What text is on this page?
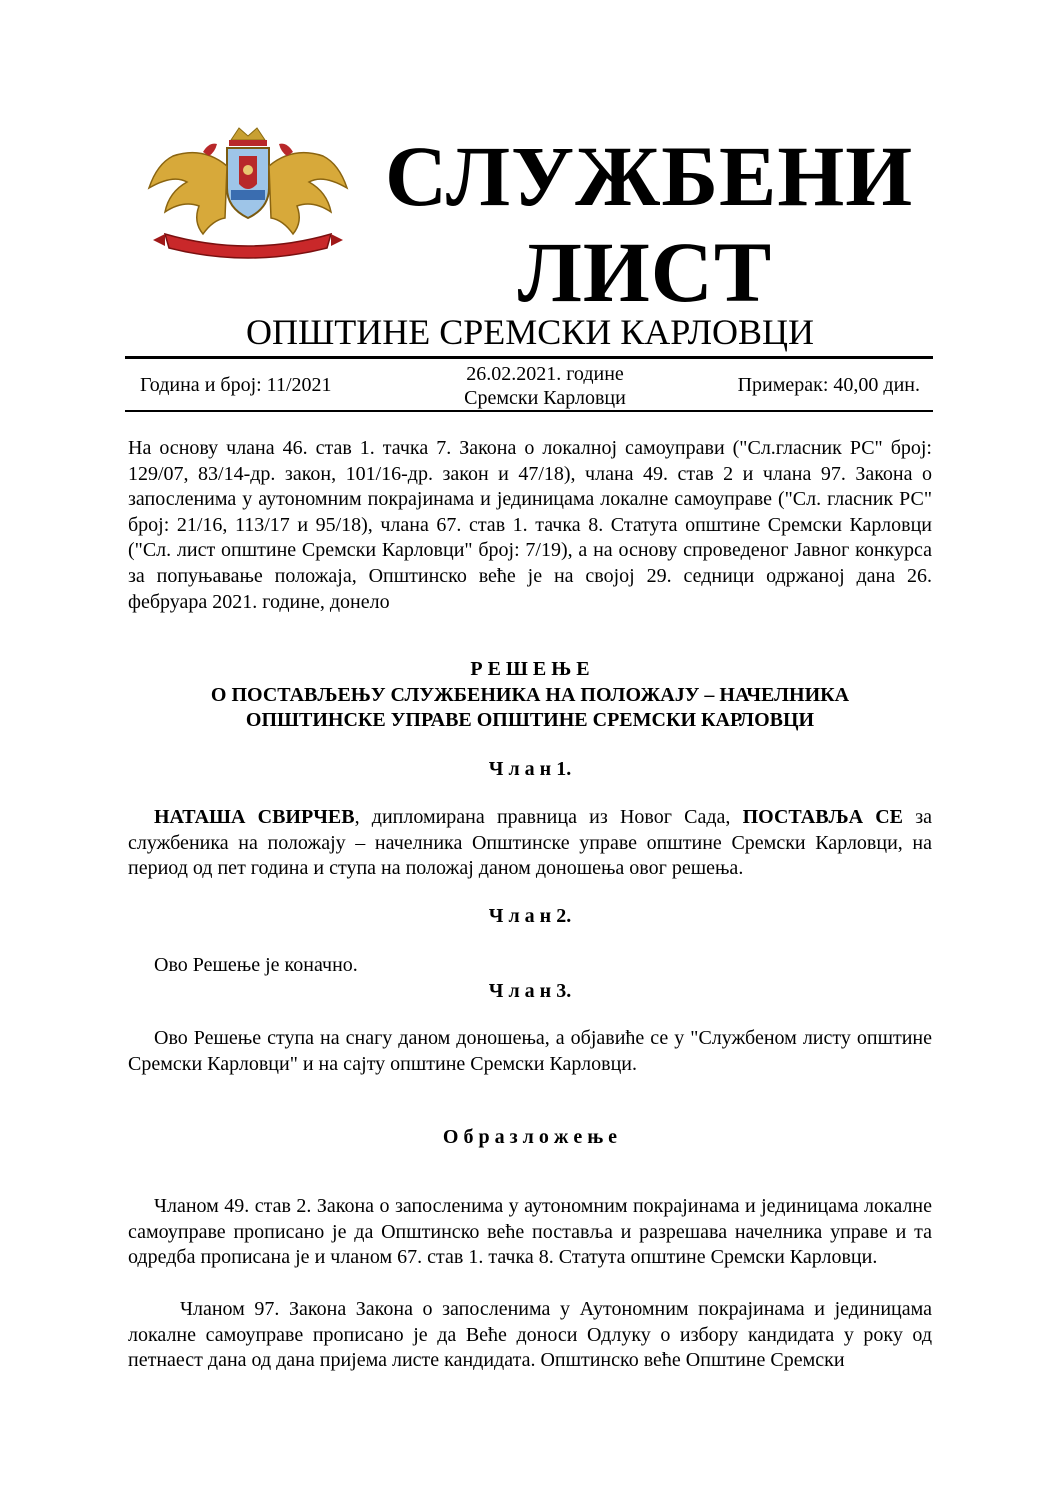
СЛУЖБЕНИ
ЛИСТ
ОПШТИНЕ СРЕМСКИ КАРЛОВЦИ
Година и број: 11/2021	26.02.2021. године
Сремски Карловци
Примерак: 40,00 дин.
На основу члана 46. став 1. тачка 7. Закона о локалној самоуправи ("Сл.гласник РС" број: 129/07, 83/14-др. закон, 101/16-др. закон и 47/18), члана 49. став 2 и члана 97. Закона о запосленима у аутономним покрајинама и јединицама локалне самоуправе ("Сл. гласник РС" број: 21/16, 113/17 и 95/18), члана 67. став 1. тачка 8. Статута општине Сремски Карловци ("Сл. лист општине Сремски Карловци" број: 7/19), а на основу спроведеног Јавног конкурса за попуњавање положаја, Општинско веће је на својој 29. седници одржаној дана 26. фебруара 2021. године, донело
Р Е Ш Е Њ Е
О ПОСТАВЉЕЊУ СЛУЖБЕНИКА НА ПОЛОЖАЈУ – НАЧЕЛНИКА
ОПШТИНСКЕ УПРАВЕ ОПШТИНЕ СРЕМСКИ КАРЛОВЦИ
Ч л а н 1.
НАТАША СВИРЧЕВ, дипломирана правница из Новог Сада, ПОСТАВЉА СЕ за службеника на положају – начелника Општинске управе општине Сремски Карловци, на период од пет година и ступа на положај даном доношења овог решења.
Ч л а н 2.
Ово Решење је коначно.
Ч л а н 3.
Ово Решење ступа на снагу даном доношења, а објавиће се у "Службеном листу општине Сремски Карловци" и на сајту општине Сремски Карловци.
О б р а з л о ж е њ е
Чланом 49. став 2. Закона о запосленима у аутономним покрајинама и јединицама локалне самоуправе прописано је да Општинско веће поставља и разрешава начелника управе и та одредба прописана је и чланом 67. став 1. тачка 8. Статута општине Сремски Карловци.
Чланом 97. Закона Закона о запосленима у Аутономним покрајинама и јединицама локалне самоуправе прописано је да Веће доноси Одлуку о избору кандидата у року од петнаест дана од дана пријема листе кандидата. Општинско веће Општине Сремски
